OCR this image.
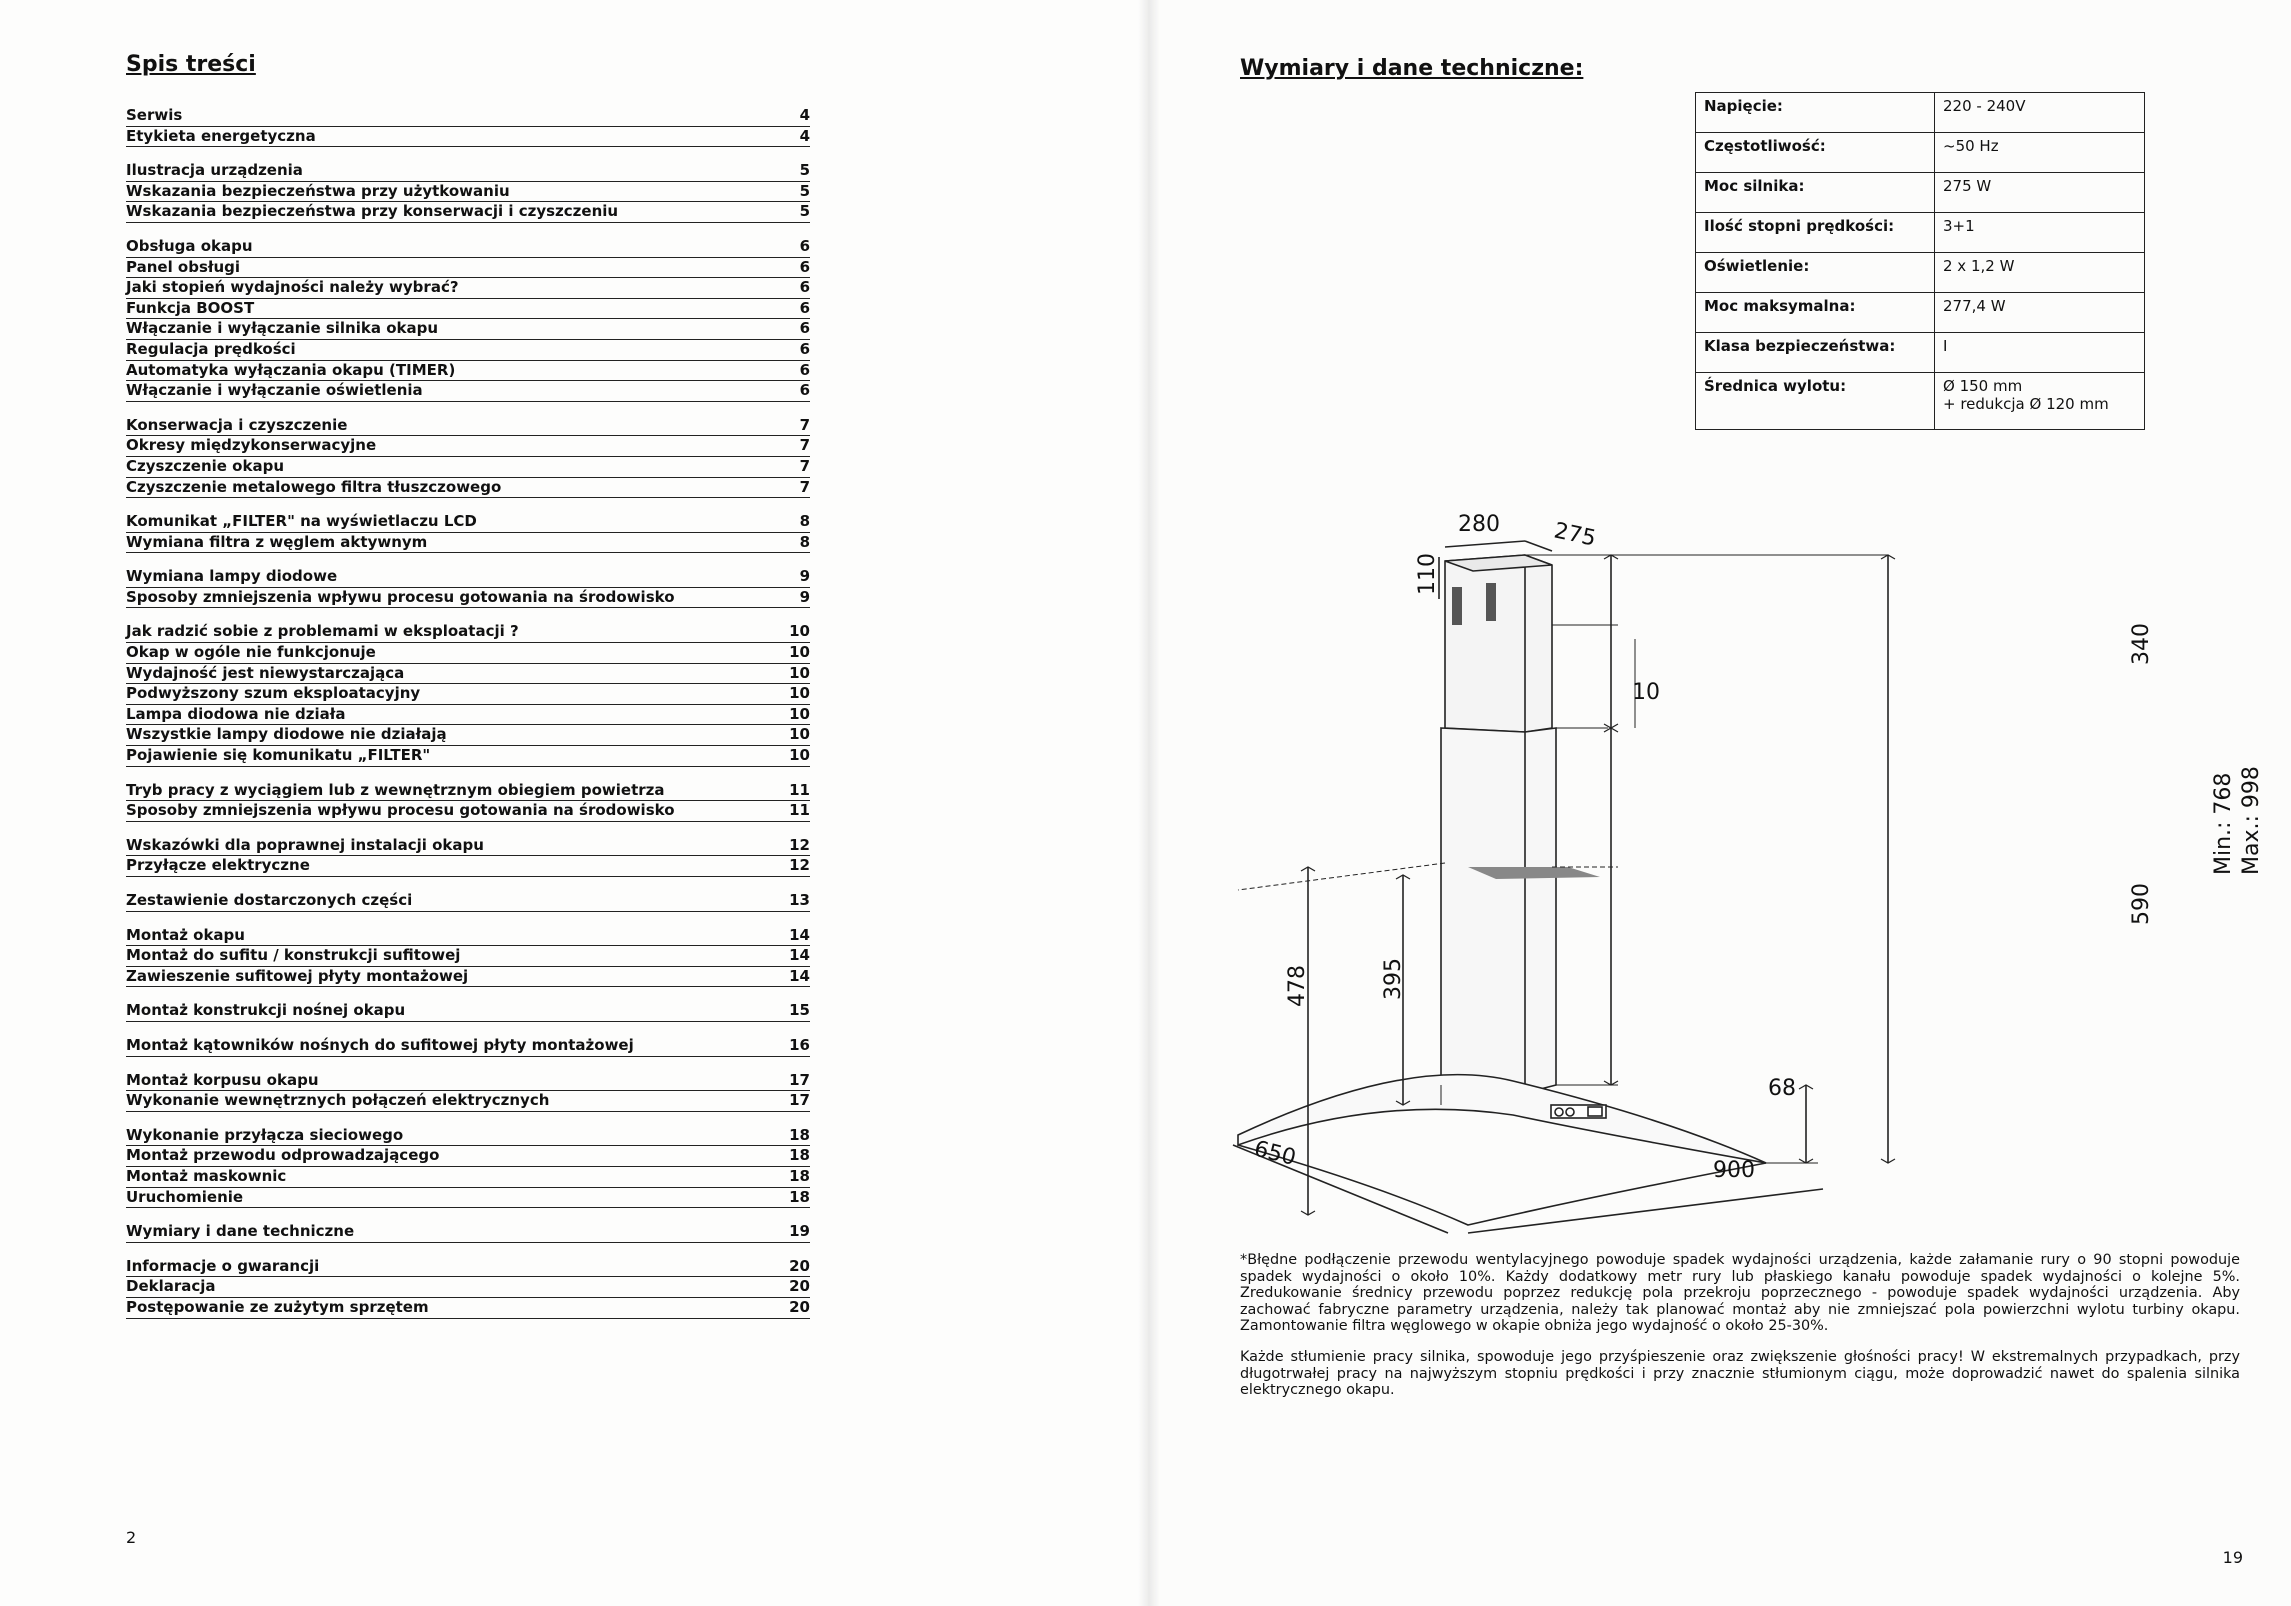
Spis treści
Serwis	4
Etykieta energetyczna	4
Ilustracja urządzenia	5
Wskazania bezpieczeństwa przy użytkowaniu	5
Wskazania bezpieczeństwa przy konserwacji i czyszczeniu	5
Obsługa okapu	6
Panel obsługi	6
Jaki stopień wydajności należy wybrać?	6
Funkcja BOOST	6
Włączanie i wyłączanie silnika okapu	6
Regulacja prędkości	6
Automatyka wyłączania okapu (TIMER)	6
Włączanie i wyłączanie oświetlenia	6
Konserwacja i czyszczenie	7
Okresy międzykonserwacyjne	7
Czyszczenie okapu	7
Czyszczenie metalowego filtra tłuszczowego	7
Komunikat „FILTER" na wyświetlaczu LCD	8
Wymiana filtra z węglem aktywnym	8
Wymiana lampy diodowe	9
Sposoby zmniejszenia wpływu procesu gotowania na środowisko	9
Jak radzić sobie z problemami w eksploatacji ?	10
Okap w ogóle nie funkcjonuje	10
Wydajność jest niewystarczająca	10
Podwyższony szum eksploatacyjny	10
Lampa diodowa nie działa	10
Wszystkie lampy diodowe nie działają	10
Pojawienie się komunikatu „FILTER"	10
Tryb pracy z wyciągiem lub z wewnętrznym obiegiem powietrza	11
Sposoby zmniejszenia wpływu procesu gotowania na środowisko	11
Wskazówki dla poprawnej instalacji okapu	12
Przyłącze elektryczne	12
Zestawienie dostarczonych części	13
Montaż okapu	14
Montaż do sufitu / konstrukcji sufitowej	14
Zawieszenie sufitowej płyty montażowej	14
Montaż konstrukcji nośnej okapu	15
Montaż kątowników nośnych do sufitowej płyty montażowej	16
Montaż korpusu okapu	17
Wykonanie wewnętrznych połączeń elektrycznych	17
Wykonanie przyłącza sieciowego	18
Montaż przewodu odprowadzającego	18
Montaż maskownic	18
Uruchomienie	18
Wymiary i dane techniczne	19
Informacje o gwarancji	20
Deklaracja	20
Postępowanie ze zużytym sprzętem	20
2
Wymiary i dane techniczne:
Napięcie:	220 - 240V
Częstotliwość:	~50 Hz
Moc silnika:	275 W
Ilość stopni prędkości:	3+1
Oświetlenie:	2 x 1,2 W
Moc maksymalna:	277,4 W
Klasa bezpieczeństwa:	I
Średnica wylotu:	Ø 150 mm
+ redukcja Ø 120 mm
280 275
110
340
10
Min.: 768 Max.: 998
590
478	395
68
650	900

*Błędne podłączenie przewodu wentylacyjnego powoduje spadek wydajności urządzenia, każde załamanie rury o 90 stopni powoduje spadek wydajności o około 10%. Każdy dodatkowy metr rury lub płaskiego kanału powoduje spadek wydajności o kolejne 5%. Zredukowanie średnicy przewodu poprzez redukcję pola przekroju poprzecznego - powoduje spadek wydajności urządzenia. Aby zachować fabryczne parametry urządzenia, należy tak planować montaż aby nie zmniejszać pola powierzchni wylotu turbiny okapu. Zamontowanie filtra węglowego w okapie obniża jego wydajność o około 25-30%.

Każde stłumienie pracy silnika, spowoduje jego przyśpieszenie oraz zwiększenie głośności pracy! W ekstremalnych przypadkach, przy długotrwałej pracy na najwyższym stopniu prędkości i przy znacznie stłumionym ciągu, może doprowadzić nawet do spalenia silnika elektrycznego okapu.

19
